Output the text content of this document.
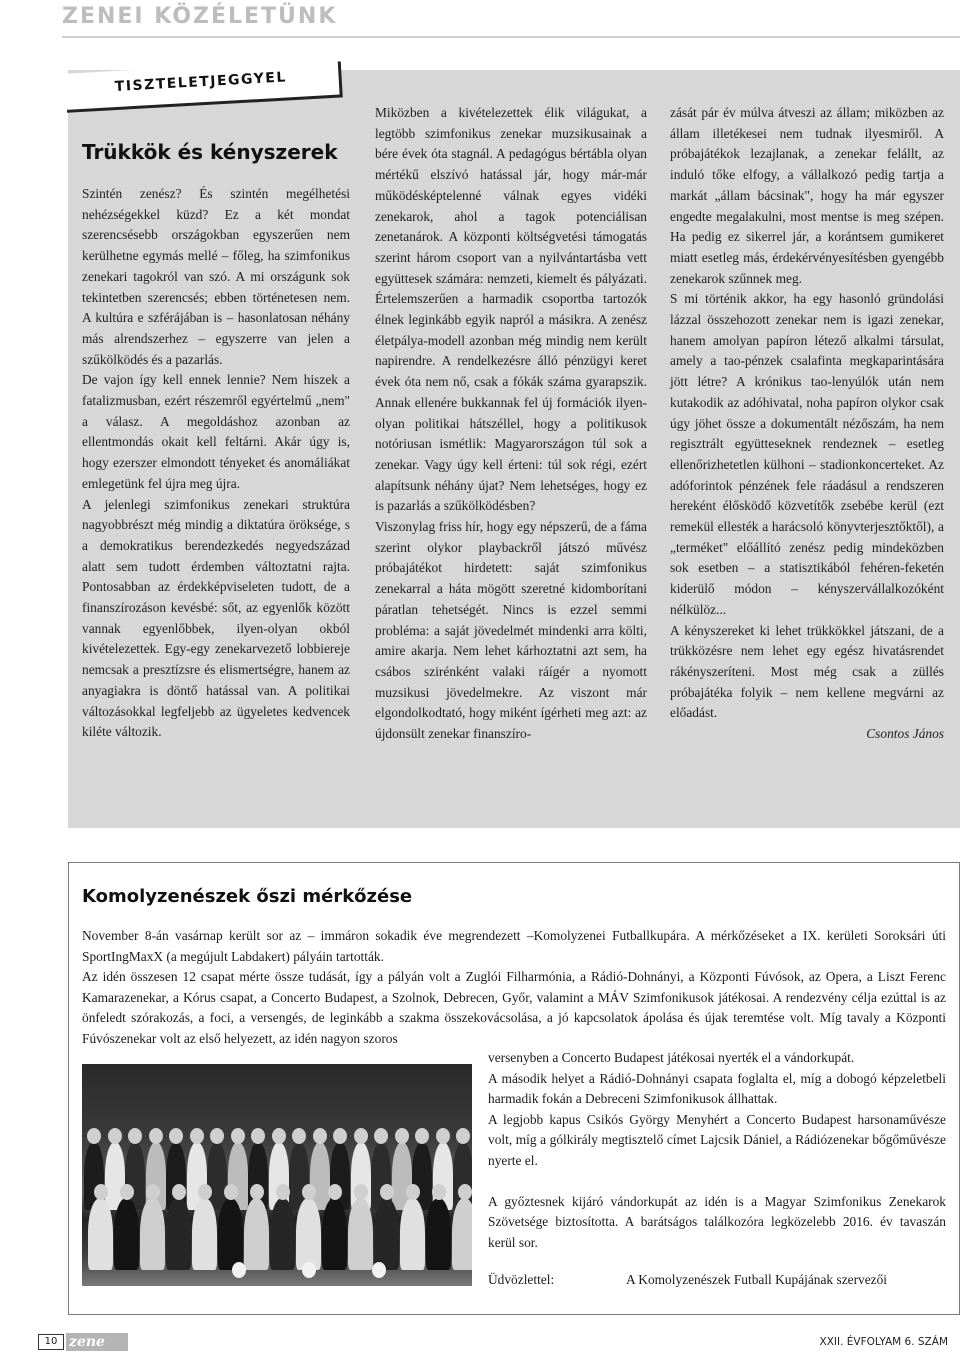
ZENEI KÖZÉLETÜNK
TISZTELETJEGGYEL
Trükkök és kényszerek

Szintén zenész? És szintén megélhetési nehézségekkel küzd? Ez a két mondat szerencsésebb országokban egyszerűen nem kerülhetne egymás mellé – főleg, ha szimfonikus zenekari tagokról van szó. A mi országunk sok tekintetben szerencsés; ebben történetesen nem. A kultúra e szférájában is – hasonlatosan néhány más alrendszerhez – egyszerre van jelen a szűkölködés és a pazarlás.

De vajon így kell ennek lennie? Nem hiszek a fatalizmusban, ezért részemről egyértelmű „nem" a válasz. A megoldáshoz azonban az ellentmondás okait kell feltárni. Akár úgy is, hogy ezerszer elmondott tényeket és anomáliákat emlegetünk fel újra meg újra.

A jelenlegi szimfonikus zenekari struktúra nagyobbrészt még mindig a diktatúra öröksége, s a demokratikus berendezkedés negyedszázad alatt sem tudott érdemben változtatni rajta. Pontosabban az érdekképviseleten tudott, de a finanszírozáson kevésbé: sőt, az egyenlők között vannak egyenlőbbek, ilyen-olyan okból kivételezettek. Egy-egy zenekarvezető lobbiereje nemcsak a presztízsre és elismertségre, hanem az anyagiakra is döntő hatással van. A politikai változásokkal legfeljebb az ügyeletes kedvencek kiléte változik.

Miközben a kivételezettek élik világukat, a legtöbb szimfonikus zenekar muzsikusainak a bére évek óta stagnál. A pedagógus bértábla olyan mértékű elszívó hatással jár, hogy már-már működésképtelenné válnak egyes vidéki zenekarok, ahol a tagok potenciálisan zenetanárok. A központi költségvetési támogatás szerint három csoport van a nyilvántartásba vett együttesek számára: nemzeti, kiemelt és pályázati. Értelemszerűen a harmadik csoportba tartozók élnek leginkább egyik napról a másikra. A zenész életpálya-modell azonban még mindig nem került napirendre. A rendelkezésre álló pénzügyi keret évek óta nem nő, csak a fókák száma gyarapszik. Annak ellenére bukkannak fel új formációk ilyen-olyan politikai hátszéllel, hogy a politikusok notóriusan ismétlik: Magyarországon túl sok a zenekar. Vagy úgy kell érteni: túl sok régi, ezért alapítsunk néhány újat? Nem lehetséges, hogy ez is pazarlás a szűkölködésben?

Viszonylag friss hír, hogy egy népszerű, de a fáma szerint olykor playbackről játszó művész próbajátékot hirdetett: saját szimfonikus zenekarral a háta mögött szeretné kidomborítani páratlan tehetségét. Nincs is ezzel semmi probléma: a saját jövedelmét mindenki arra költi, amire akarja. Nem lehet kárhoztatni azt sem, ha csábos szirénként valaki ráígér a nyomott muzsikusi jövedelmekre. Az viszont már elgondolkodtató, hogy miként ígérheti meg azt: az újdonsült zenekar finanszíro-

zását pár év múlva átveszi az állam; miközben az állam illetékesei nem tudnak ilyesmiről. A próbajátékok lezajlanak, a zenekar felállt, az induló tőke elfogy, a vállalkozó pedig tartja a markát „állam bácsinak", hogy ha már egyszer engedte megalakulni, most mentse is meg szépen. Ha pedig ez sikerrel jár, a korántsem gumikeret miatt esetleg más, érdekérvényesítésben gyengébb zenekarok szűnnek meg.

S mi történik akkor, ha egy hasonló gründolási lázzal összehozott zenekar nem is igazi zenekar, hanem amolyan papíron létező alkalmi társulat, amely a tao-pénzek csalafinta megkaparintására jött létre? A krónikus tao-lenyúlók után nem kutakodik az adóhivatal, noha papíron olykor csak úgy jöhet össze a dokumentált nézőszám, ha nem regisztrált együtteseknek rendeznek – esetleg ellenőrizhetetlen külhoni – stadionkoncerteket. Az adóforintok pénzének fele ráadásul a rendszeren hereként élősködő közvetítők zsebébe kerül (ezt remekül ellesték a harácsoló könyvterjesztőktől), a „terméket" előállító zenész pedig mindeközben sok esetben – a statisztikából fehéren-feketén kiderülő módon – kényszervállalkozóként nélkülöz...

A kényszereket ki lehet trükkökkel játszani, de a trükközésre nem lehet egy egész hivatásrendet rákényszeríteni. Most még csak a züllés próbajátéka folyik – nem kellene megvárni az előadást.

Csontos János

Komolyzenészek őszi mérkőzése

November 8-án vasárnap került sor az – immáron sokadik éve megrendezett –Komolyzenei Futballkupára. A mérkőzéseket a IX. kerületi Soroksári úti SportIngMaxX (a megújult Labdakert) pályáin tartották.

Az idén összesen 12 csapat mérte össze tudását, így a pályán volt a Zuglói Filharmónia, a Rádió-Dohnányi, a Központi Fúvósok, az Opera, a Liszt Ferenc Kamarazenekar, a Kórus csapat, a Concerto Budapest, a Szolnok, Debrecen, Győr, valamint a MÁV Szimfonikusok játékosai. A rendezvény célja ezúttal is az önfeledt szórakozás, a foci, a versengés, de leginkább a szakma összekovácsolása, a jó kapcsolatok ápolása és újak teremtése volt. Míg tavaly a Központi Fúvószenekar volt az első helyezett, az idén nagyon szoros

versenyben a Concerto Budapest játékosai nyerték el a vándorkupát.

A második helyet a Rádió-Dohnányi csapata foglalta el, míg a dobogó képzeletbeli harmadik fokán a Debreceni Szimfonikusok állhattak.

A legjobb kapus Csikós György Menyhért a Concerto Budapest harsonaművésze volt, míg a gólkirály megtisztelő címet Lajcsik Dániel, a Rádiózenekar bőgőművésze nyerte el.

A győztesnek kijáró vándorkupát az idén is a Magyar Szimfonikus Zenekarok Szövetsége biztosította. A barátságos találkozóra legközelebb 2016. év tavaszán kerül sor.

Üdvözlettel:	A Komolyzenészek Futball Kupájának szervezői
10 zene	XXII. ÉVFOLYAM 6. SZÁM
